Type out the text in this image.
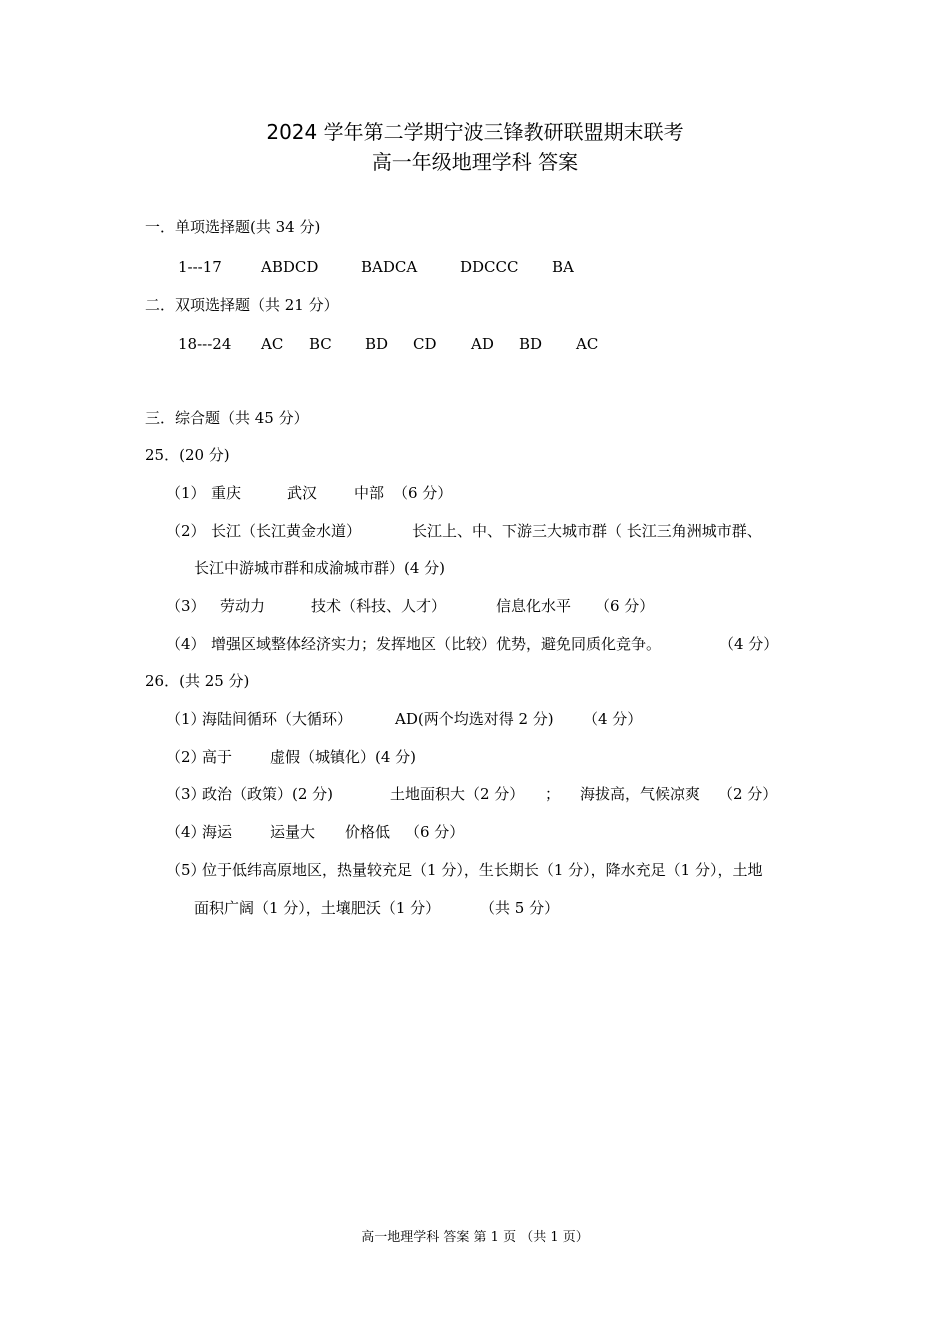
2024 学年第二学期宁波三锋教研联盟期末联考
高一年级地理学科 答案
一．单项选择题(共 34 分)
1---17	ABDCD	BADCA	DDCCC BA
二．双项选择题（共 21 分）
18---24 AC BC BD CD AD BD AC
三．综合题（共 45 分）
25．(20 分)
（1） 重庆	武汉 中部 （6 分）
（2） 长江（长江黄金水道）	长江上、中、下游三大城市群（ 长江三角洲城市群、
长江中游城市群和成渝城市群）(4 分)
（3） 劳动力	技术（科技、人才）	信息化水平 （6 分）
（4） 增强区域整体经济实力；发挥地区（比较）优势，避免同质化竞争。	（4 分）
26．(共 25 分)
（1）
海陆间循环（大循环）	AD(两个均选对得 2 分) （4 分）
（2）
高于	虚假（城镇化）(4 分)
（3）
政治（政策）(2 分)	土地面积大（2 分） ； 海拔高，气候凉爽 （2 分）
（4）
海运	运量大 价格低 （6 分）
（5）
位于低纬高原地区，热量较充足（1 分），生长期长（1 分），降水充足（1 分），土地
面积广阔（1 分），土壤肥沃（1 分）	（共 5 分）
高一地理学科 答案 第 1 页 （共 1 页）
